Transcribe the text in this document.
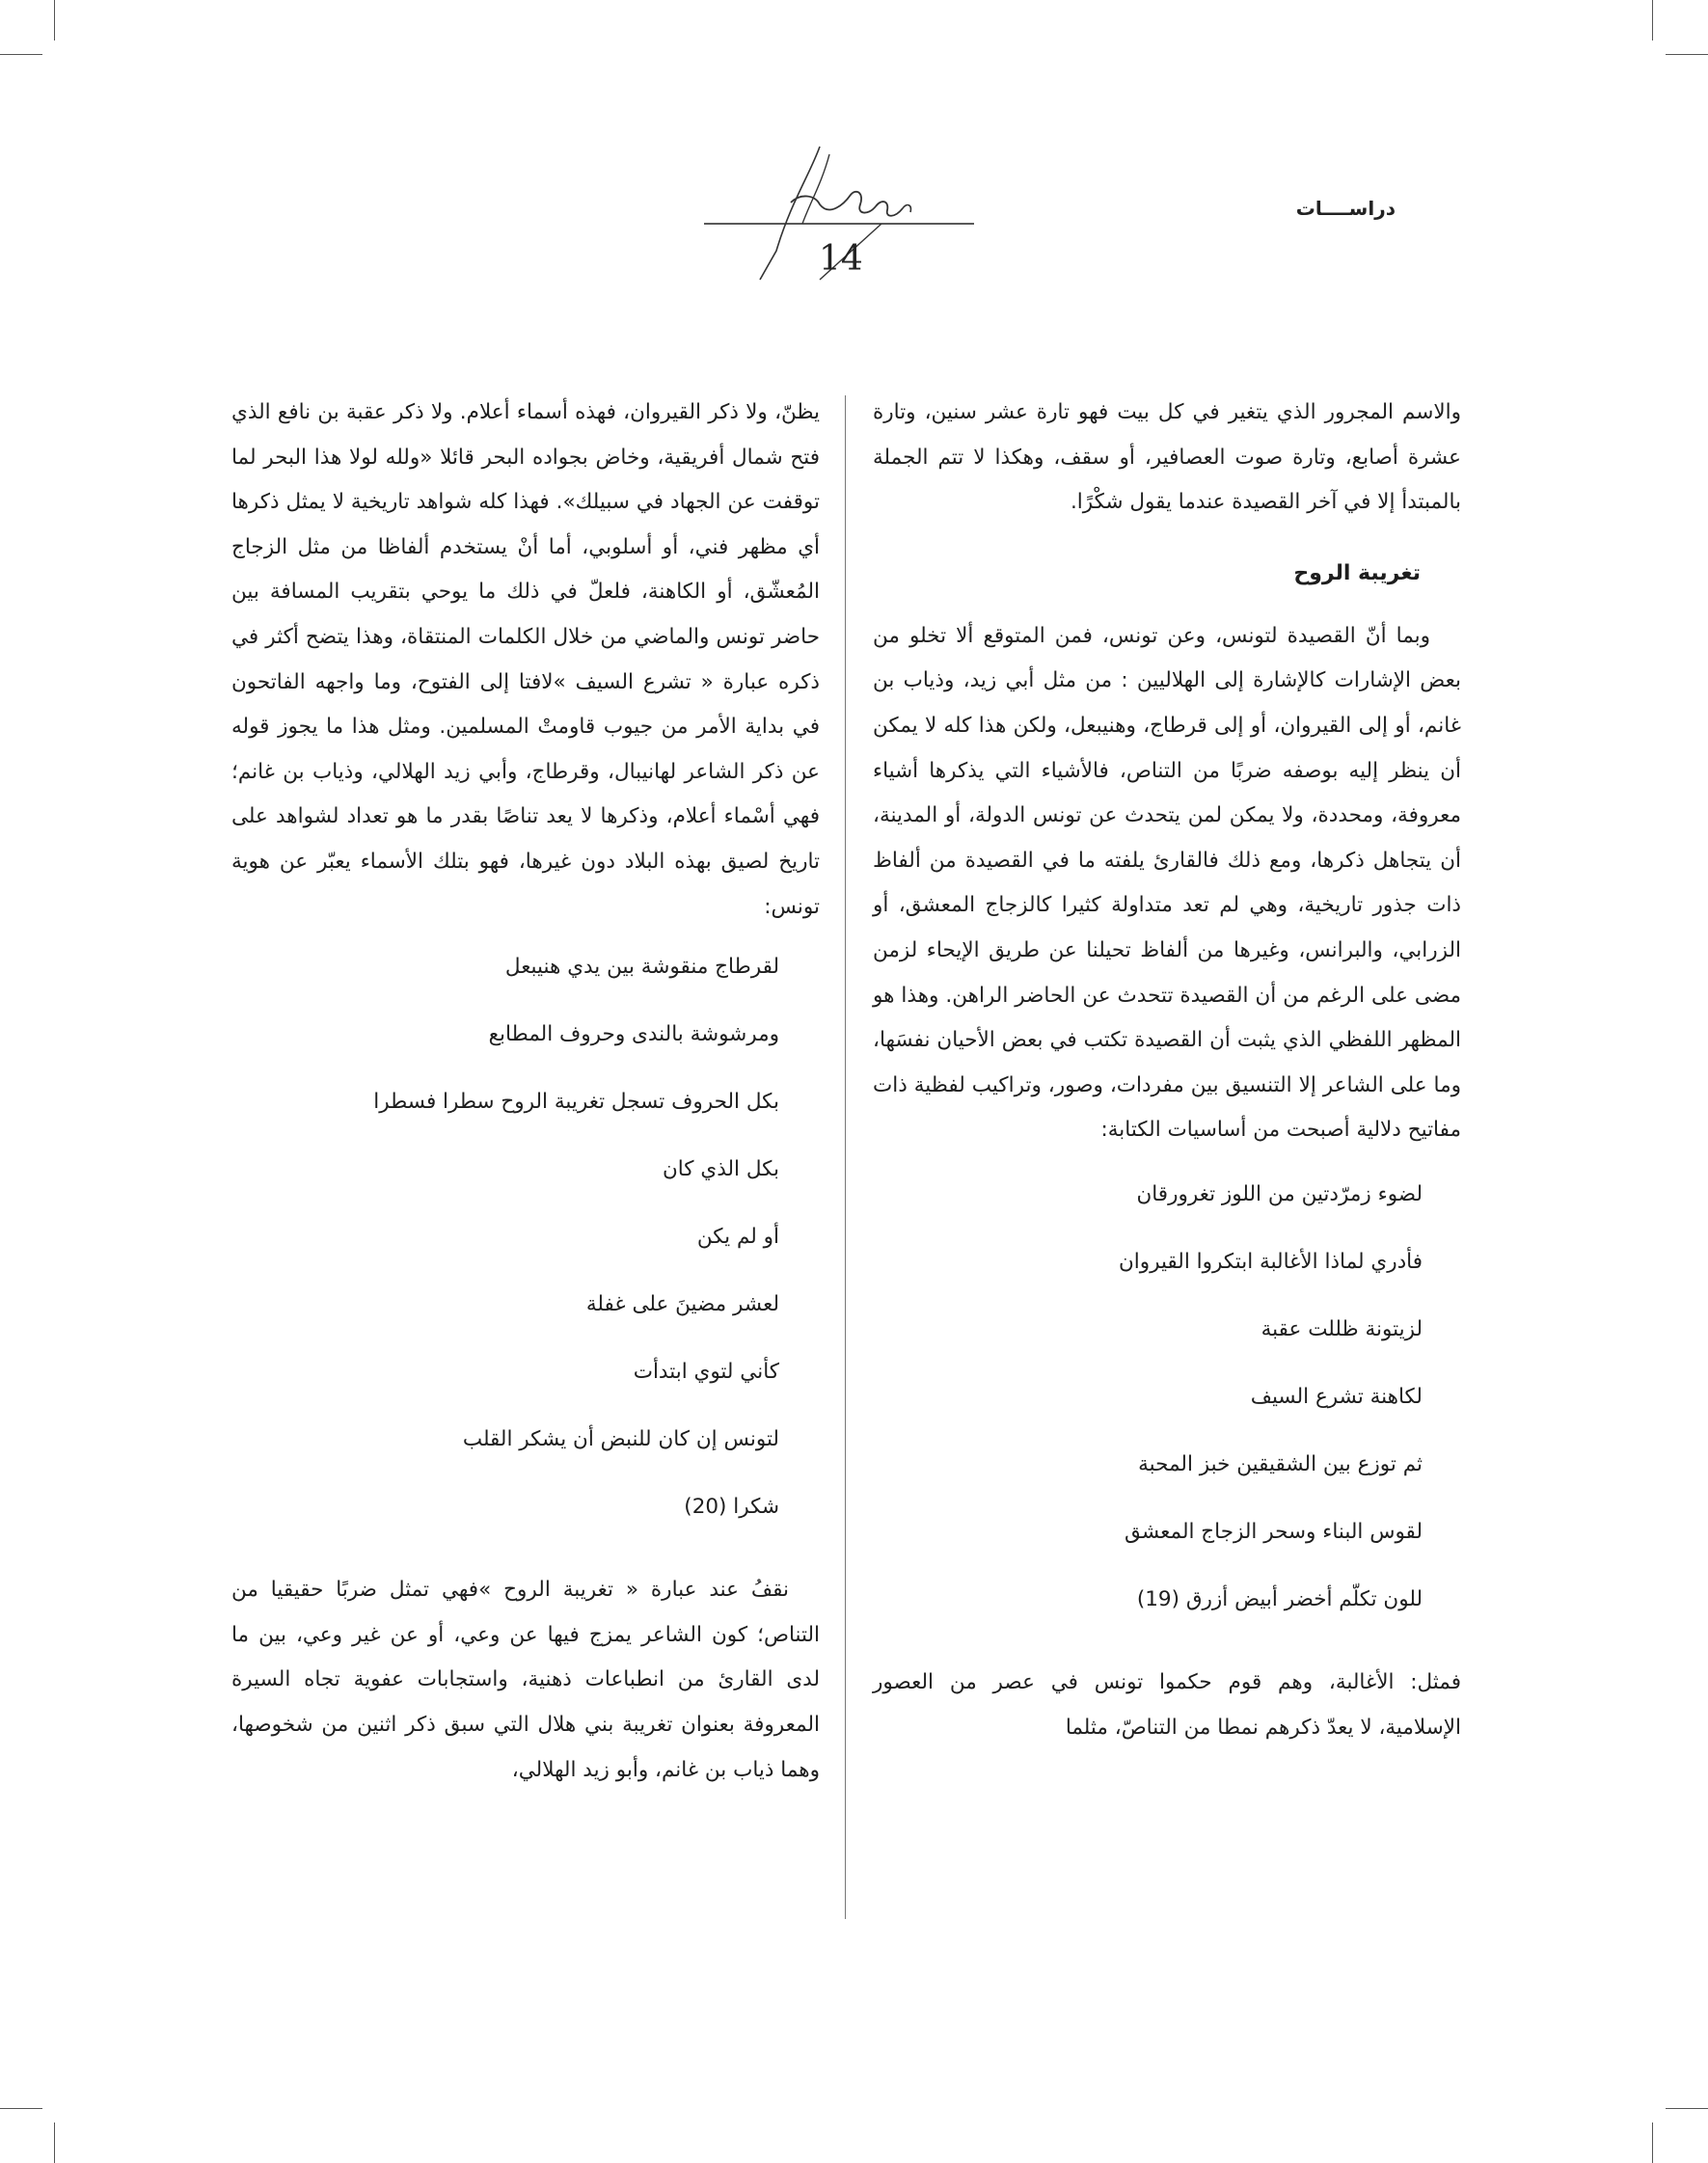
دراســــات
14

والاسم المجرور الذي يتغير في كل بيت فهو تارة عشر سنين، وتارة عشرة أصابع، وتارة صوت العصافير، أو سقف، وهكذا لا تتم الجملة بالمبتدأ إلا في آخر القصيدة عندما يقول شكْرًا.

تغريبة الروح

وبما أنّ القصيدة لتونس، وعن تونس، فمن المتوقع ألا تخلو من بعض الإشارات كالإشارة إلى الهلاليين : من مثل أبي زيد، وذياب بن غانم، أو إلى القيروان، أو إلى قرطاج، وهنيبعل، ولكن هذا كله لا يمكن أن ينظر إليه بوصفه ضربًا من التناص، فالأشياء التي يذكرها أشياء معروفة، ومحددة، ولا يمكن لمن يتحدث عن تونس الدولة، أو المدينة، أن يتجاهل ذكرها، ومع ذلك فالقارئ يلفته ما في القصيدة من ألفاظ ذات جذور تاريخية، وهي لم تعد متداولة كثيرا كالزجاج المعشق، أو الزرابي، والبرانس، وغيرها من ألفاظ تحيلنا عن طريق الإيحاء لزمن مضى على الرغم من أن القصيدة تتحدث عن الحاضر الراهن. وهذا هو المظهر اللفظي الذي يثبت أن القصيدة تكتب في بعض الأحيان نفسَها، وما على الشاعر إلا التنسيق بين مفردات، وصور، وتراكيب لفظية ذات مفاتيح دلالية أصبحت من أساسيات الكتابة:

لضوء زمرّدتين من اللوز تغرورقان
فأدري لماذا الأغالبة ابتكروا القيروان
لزيتونة ظللت عقبة
لكاهنة تشرع السيف
ثم توزع بين الشقيقين خبز المحبة
لقوس البناء وسحر الزجاج المعشق
للون تكلّم أخضر أبيض أزرق (19)

فمثل: الأغالبة، وهم قوم حكموا تونس في عصر من العصور الإسلامية، لا يعدّ ذكرهم نمطا من التناصّ، مثلما

يظنّ، ولا ذكر القيروان، فهذه أسماء أعلام. ولا ذكر عقبة بن نافع الذي فتح شمال أفريقية، وخاض بجواده البحر قائلا «ولله لولا هذا البحر لما توقفت عن الجهاد في سبيلك». فهذا كله شواهد تاريخية لا يمثل ذكرها أي مظهر فني، أو أسلوبي، أما أنْ يستخدم ألفاظا من مثل الزجاج المُعشّق، أو الكاهنة، فلعلّ في ذلك ما يوحي بتقريب المسافة بين حاضر تونس والماضي من خلال الكلمات المنتقاة، وهذا يتضح أكثر في ذكره عبارة « تشرع السيف »لافتا إلى الفتوح، وما واجهه الفاتحون في بداية الأمر من جيوب قاومتْ المسلمين. ومثل هذا ما يجوز قوله عن ذكر الشاعر لهانيبال، وقرطاج، وأبي زيد الهلالي، وذياب بن غانم؛ فهي أسْماء أعلام، وذكرها لا يعد تناصًا بقدر ما هو تعداد لشواهد على تاريخ لصيق بهذه البلاد دون غيرها، فهو بتلك الأسماء يعبّر عن هوية تونس:

لقرطاج منقوشة بين يدي هنيبعل
ومرشوشة بالندى وحروف المطابع
بكل الحروف تسجل تغريبة الروح سطرا فسطرا
بكل الذي كان
أو لم يكن
لعشر مضينَ على غفلة
كأني لتوي ابتدأت
لتونس إن كان للنبض أن يشكر القلب
شكرا (20)

نقفُ عند عبارة « تغريبة الروح »فهي تمثل ضربًا حقيقيا من التناص؛ كون الشاعر يمزج فيها عن وعي، أو عن غير وعي، بين ما لدى القارئ من انطباعات ذهنية، واستجابات عفوية تجاه السيرة المعروفة بعنوان تغريبة بني هلال التي سبق ذكر اثنين من شخوصها، وهما ذياب بن غانم، وأبو زيد الهلالي،
